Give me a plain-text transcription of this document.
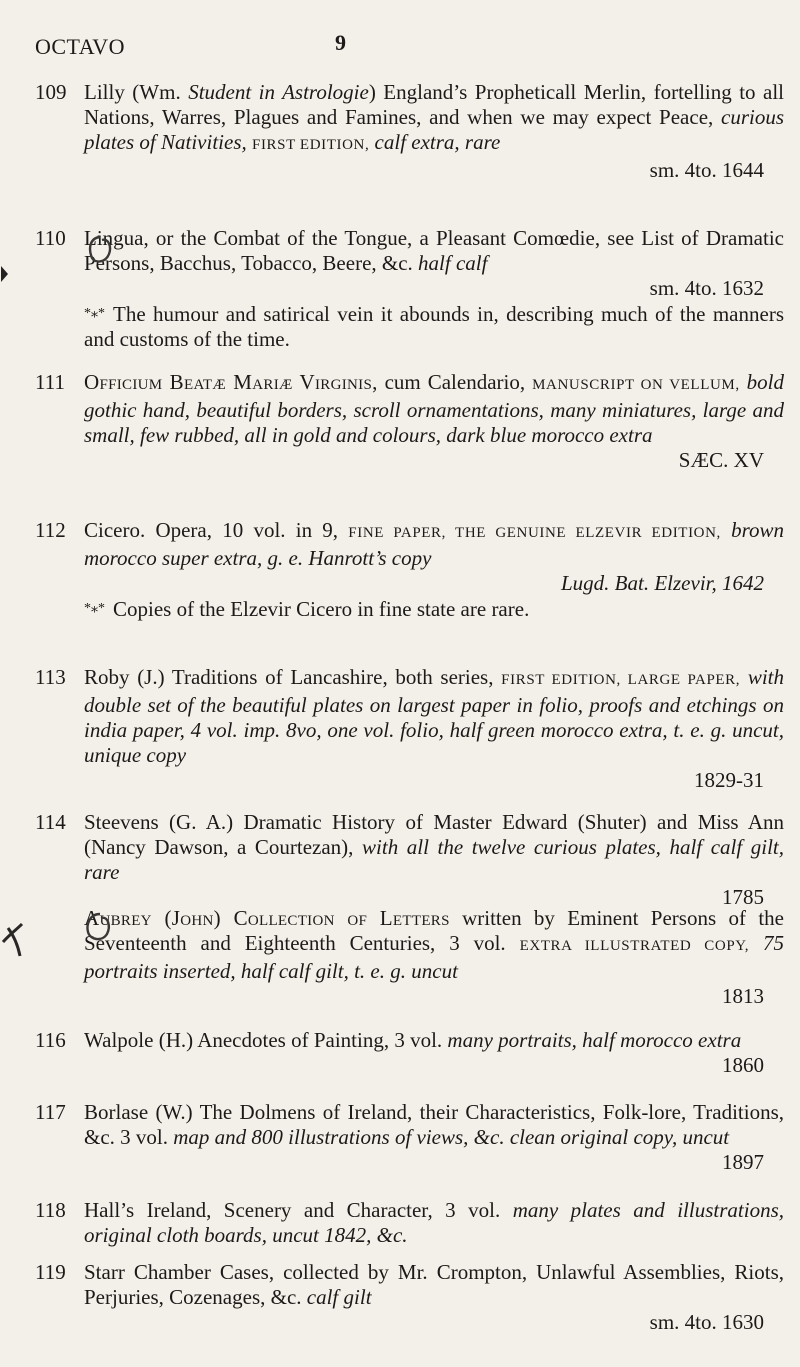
OCTAVO	9
109 Lilly (Wm. Student in Astrologie) England’s Propheticall Merlin, fortelling to all Nations, Warres, Plagues and Famines, and when we may expect Peace, curious plates of Nativities, FIRST EDITION, calf extra, rare
sm. 4to. 1644

110 Lingua, or the Combat of the Tongue, a Pleasant Comœdie, see List of Dramatic Persons, Bacchus, Tobacco, Beere, &c. half calf
sm. 4to. 1632

*⁎* The humour and satirical vein it abounds in, describing much of the manners and customs of the time.
111 Officium Beatæ Mariæ Virginis, cum Calendario, MANUSCRIPT ON VELLUM, bold gothic hand, beautiful borders, scroll ornamentations, many miniatures, large and small, few rubbed, all in gold and colours, dark blue morocco extra
SÆC. XV

112 Cicero. Opera, 10 vol. in 9, FINE PAPER, THE GENUINE ELZEVIR EDITION, brown morocco super extra, g. e. Hanrott’s copy
Lugd. Bat. Elzevir, 1642

*⁎* Copies of the Elzevir Cicero in fine state are rare.
113 Roby (J.) Traditions of Lancashire, both series, FIRST EDITION, LARGE PAPER, with double set of the beautiful plates on largest paper in folio, proofs and etchings on india paper, 4 vol. imp. 8vo, one vol. folio, half green morocco extra, t. e. g. uncut, unique copy
1829-31

114 Steevens (G. A.) Dramatic History of Master Edward (Shuter) and Miss Ann (Nancy Dawson, a Courtezan), with all the twelve curious plates, half calf gilt, rare
1785

Aubrey (John) Collection of Letters written by Eminent Persons of the Seventeenth and Eighteenth Centuries, 3 vol. EXTRA ILLUSTRATED COPY, 75 portraits inserted, half calf gilt, t. e. g. uncut
1813

116 Walpole (H.) Anecdotes of Painting, 3 vol. many portraits, half morocco extra
1860

117 Borlase (W.) The Dolmens of Ireland, their Characteristics, Folk-lore, Traditions, &c. 3 vol. map and 800 illustrations of views, &c. clean original copy, uncut
1897

118 Hall’s Ireland, Scenery and Character, 3 vol. many plates and illustrations, original cloth boards, uncut 1842, &c.

119 Starr Chamber Cases, collected by Mr. Crompton, Unlawful Assemblies, Riots, Perjuries, Cozenages, &c. calf gilt
sm. 4to. 1630
